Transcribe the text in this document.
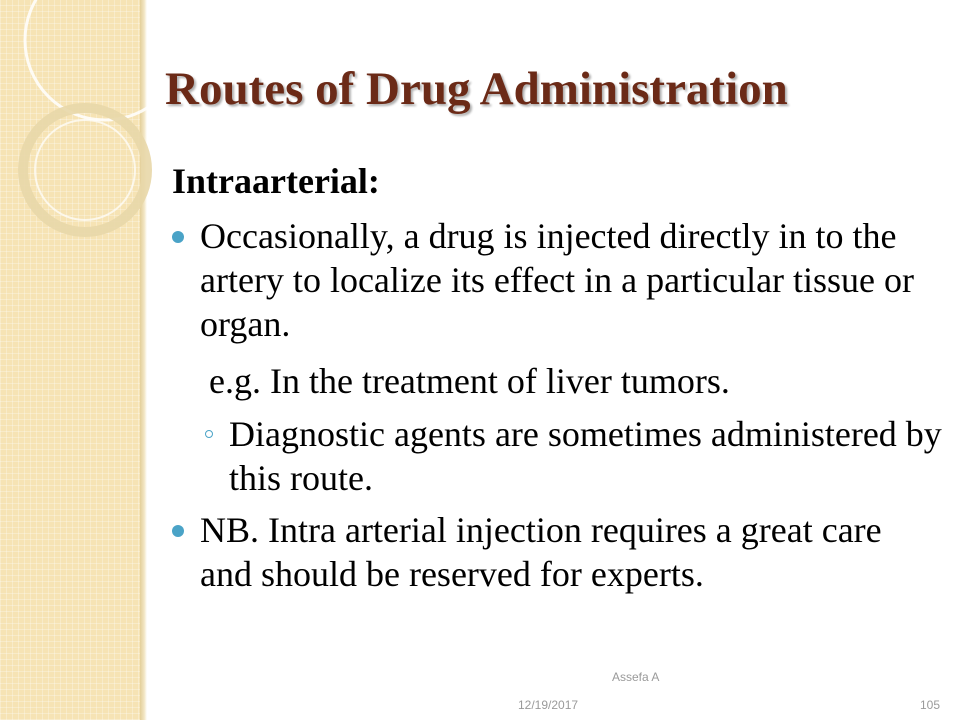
Routes of Drug Administration
Intraarterial:
Occasionally, a drug is injected directly in to the artery to localize its effect in a particular tissue or organ.
e.g. In the treatment of liver tumors.
Diagnostic agents are sometimes administered by this route.
NB. Intra arterial injection requires a great care and should be reserved for experts.
Assefa A
12/19/2017	105
